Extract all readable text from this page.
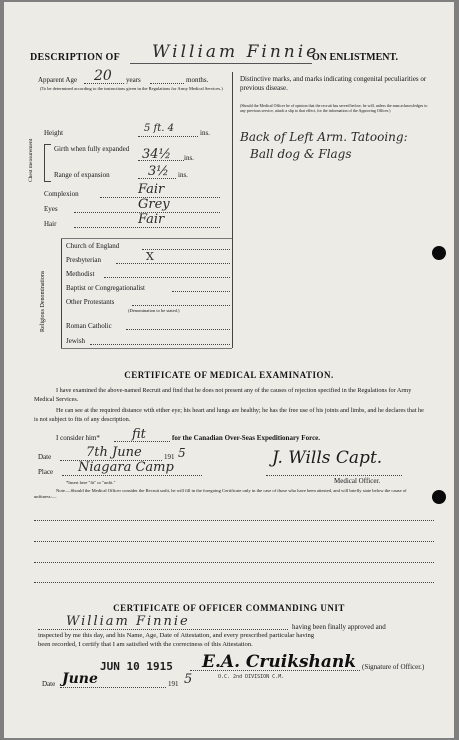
DESCRIPTION OF William Finnie
ON ENLISTMENT.
Apparent Age 20 years	months.
(To be determined according to the instructions given in the Regulations for Army Medical Services.)
Distinctive marks, and marks indicating congenital peculiarities or previous disease.
(Should the Medical Officer be of opinion that the recruit has served before, he will, unless the man acknowledges to any previous service, attach a slip to that effect, for the information of the Approving Officer.)
Back of Left Arm. Tatooing:
Ball dog & Flags
Height	5 ft. 4	ins.
Chest measurement	Girth when fully expanded 34½ ins.
Range of expansion	3½ ins.
Complexion	Fair
Eyes	Grey
Hair	Fair
Religious Denominations
Church of England
Presbyterian	X
Methodist
Baptist or Congregationalist
Other Protestants
(Denomination to be stated.)
Roman Catholic
Jewish
CERTIFICATE OF MEDICAL EXAMINATION.
I have examined the above-named Recruit and find that he does not present any of the causes of rejection specified in the Regulations for Army Medical Services.
He can see at the required distance with either eye; his heart and lungs are healthy; he has the free use of his joints and limbs, and he declares that he is not subject to fits of any description.
I consider him* fit	for the Canadian Over-Seas Expeditionary Force.
Date	7th June	191 5
Place Niagara Camp	J. Wills Capt.
Medical Officer.
*Insert here "fit" or "unfit."
Note.—Should the Medical Officer consider the Recruit unfit, he will fill in the foregoing Certificate only in the case of those who have been attested, and will briefly state below the cause of unfitness:—
CERTIFICATE OF OFFICER COMMANDING UNIT
William Finnie	having been finally approved and
inspected by me this day, and his Name, Age, Date of Attestation, and every prescribed particular having
been recorded, I certify that I am satisfied with the correctness of this Attestation.
JUN 10 1915 E.A. Cruikshank
O.C. 2nd DIVISION C.M.
(Signature of Officer.)
Date June	191 5
